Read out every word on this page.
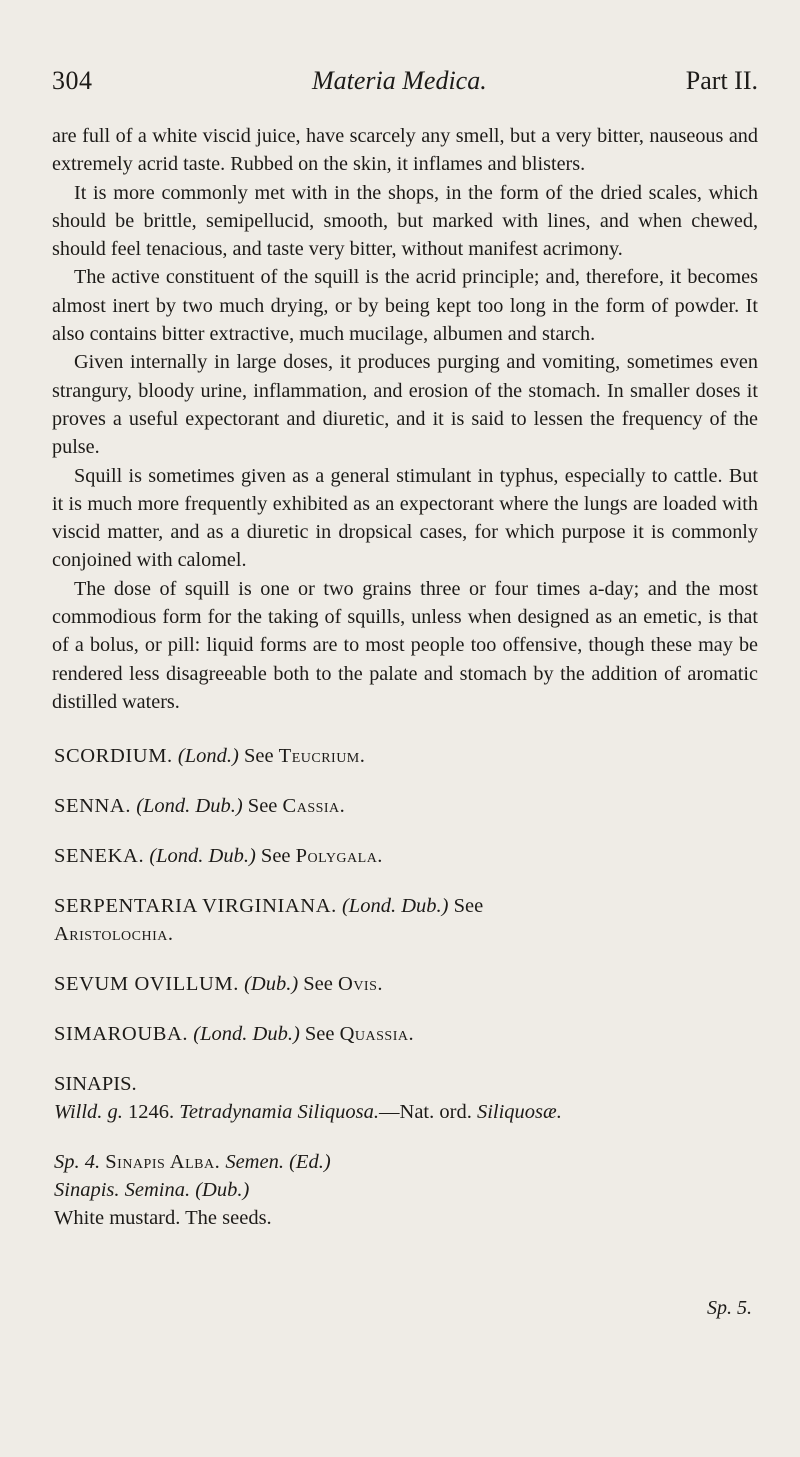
304	Materia Medica.	Part II.

are full of a white viscid juice, have scarcely any smell, but a very bitter, nauseous and extremely acrid taste. Rubbed on the skin, it inflames and blisters.

It is more commonly met with in the shops, in the form of the dried scales, which should be brittle, semipellucid, smooth, but marked with lines, and when chewed, should feel tenacious, and taste very bitter, without manifest acrimony.

The active constituent of the squill is the acrid principle; and, therefore, it becomes almost inert by two much drying, or by being kept too long in the form of powder. It also contains bitter extractive, much mucilage, albumen and starch.

Given internally in large doses, it produces purging and vomiting, sometimes even strangury, bloody urine, inflammation, and erosion of the stomach. In smaller doses it proves a useful expectorant and diuretic, and it is said to lessen the frequency of the pulse.

Squill is sometimes given as a general stimulant in typhus, especially to cattle. But it is much more frequently exhibited as an expectorant where the lungs are loaded with viscid matter, and as a diuretic in dropsical cases, for which purpose it is commonly conjoined with calomel.

The dose of squill is one or two grains three or four times a-day; and the most commodious form for the taking of squills, unless when designed as an emetic, is that of a bolus, or pill: liquid forms are to most people too offensive, though these may be rendered less disagreeable both to the palate and stomach by the addition of aromatic distilled waters.

SCORDIUM. (Lond.) See Teucrium.
SENNA. (Lond. Dub.) See Cassia.
SENEKA. (Lond. Dub.) See Polygala.
SERPENTARIA VIRGINIANA. (Lond. Dub.) See
Aristolochia.
SEVUM OVILLUM. (Dub.) See Ovis.
SIMAROUBA. (Lond. Dub.) See Quassia.
SINAPIS.
Willd. g. 1246. Tetradynamia Siliquosa.—Nat. ord. Siliquosæ.
Sp. 4. Sinapis Alba. Semen. (Ed.)
Sinapis. Semina. (Dub.)
White mustard. The seeds.
Sp. 5.
